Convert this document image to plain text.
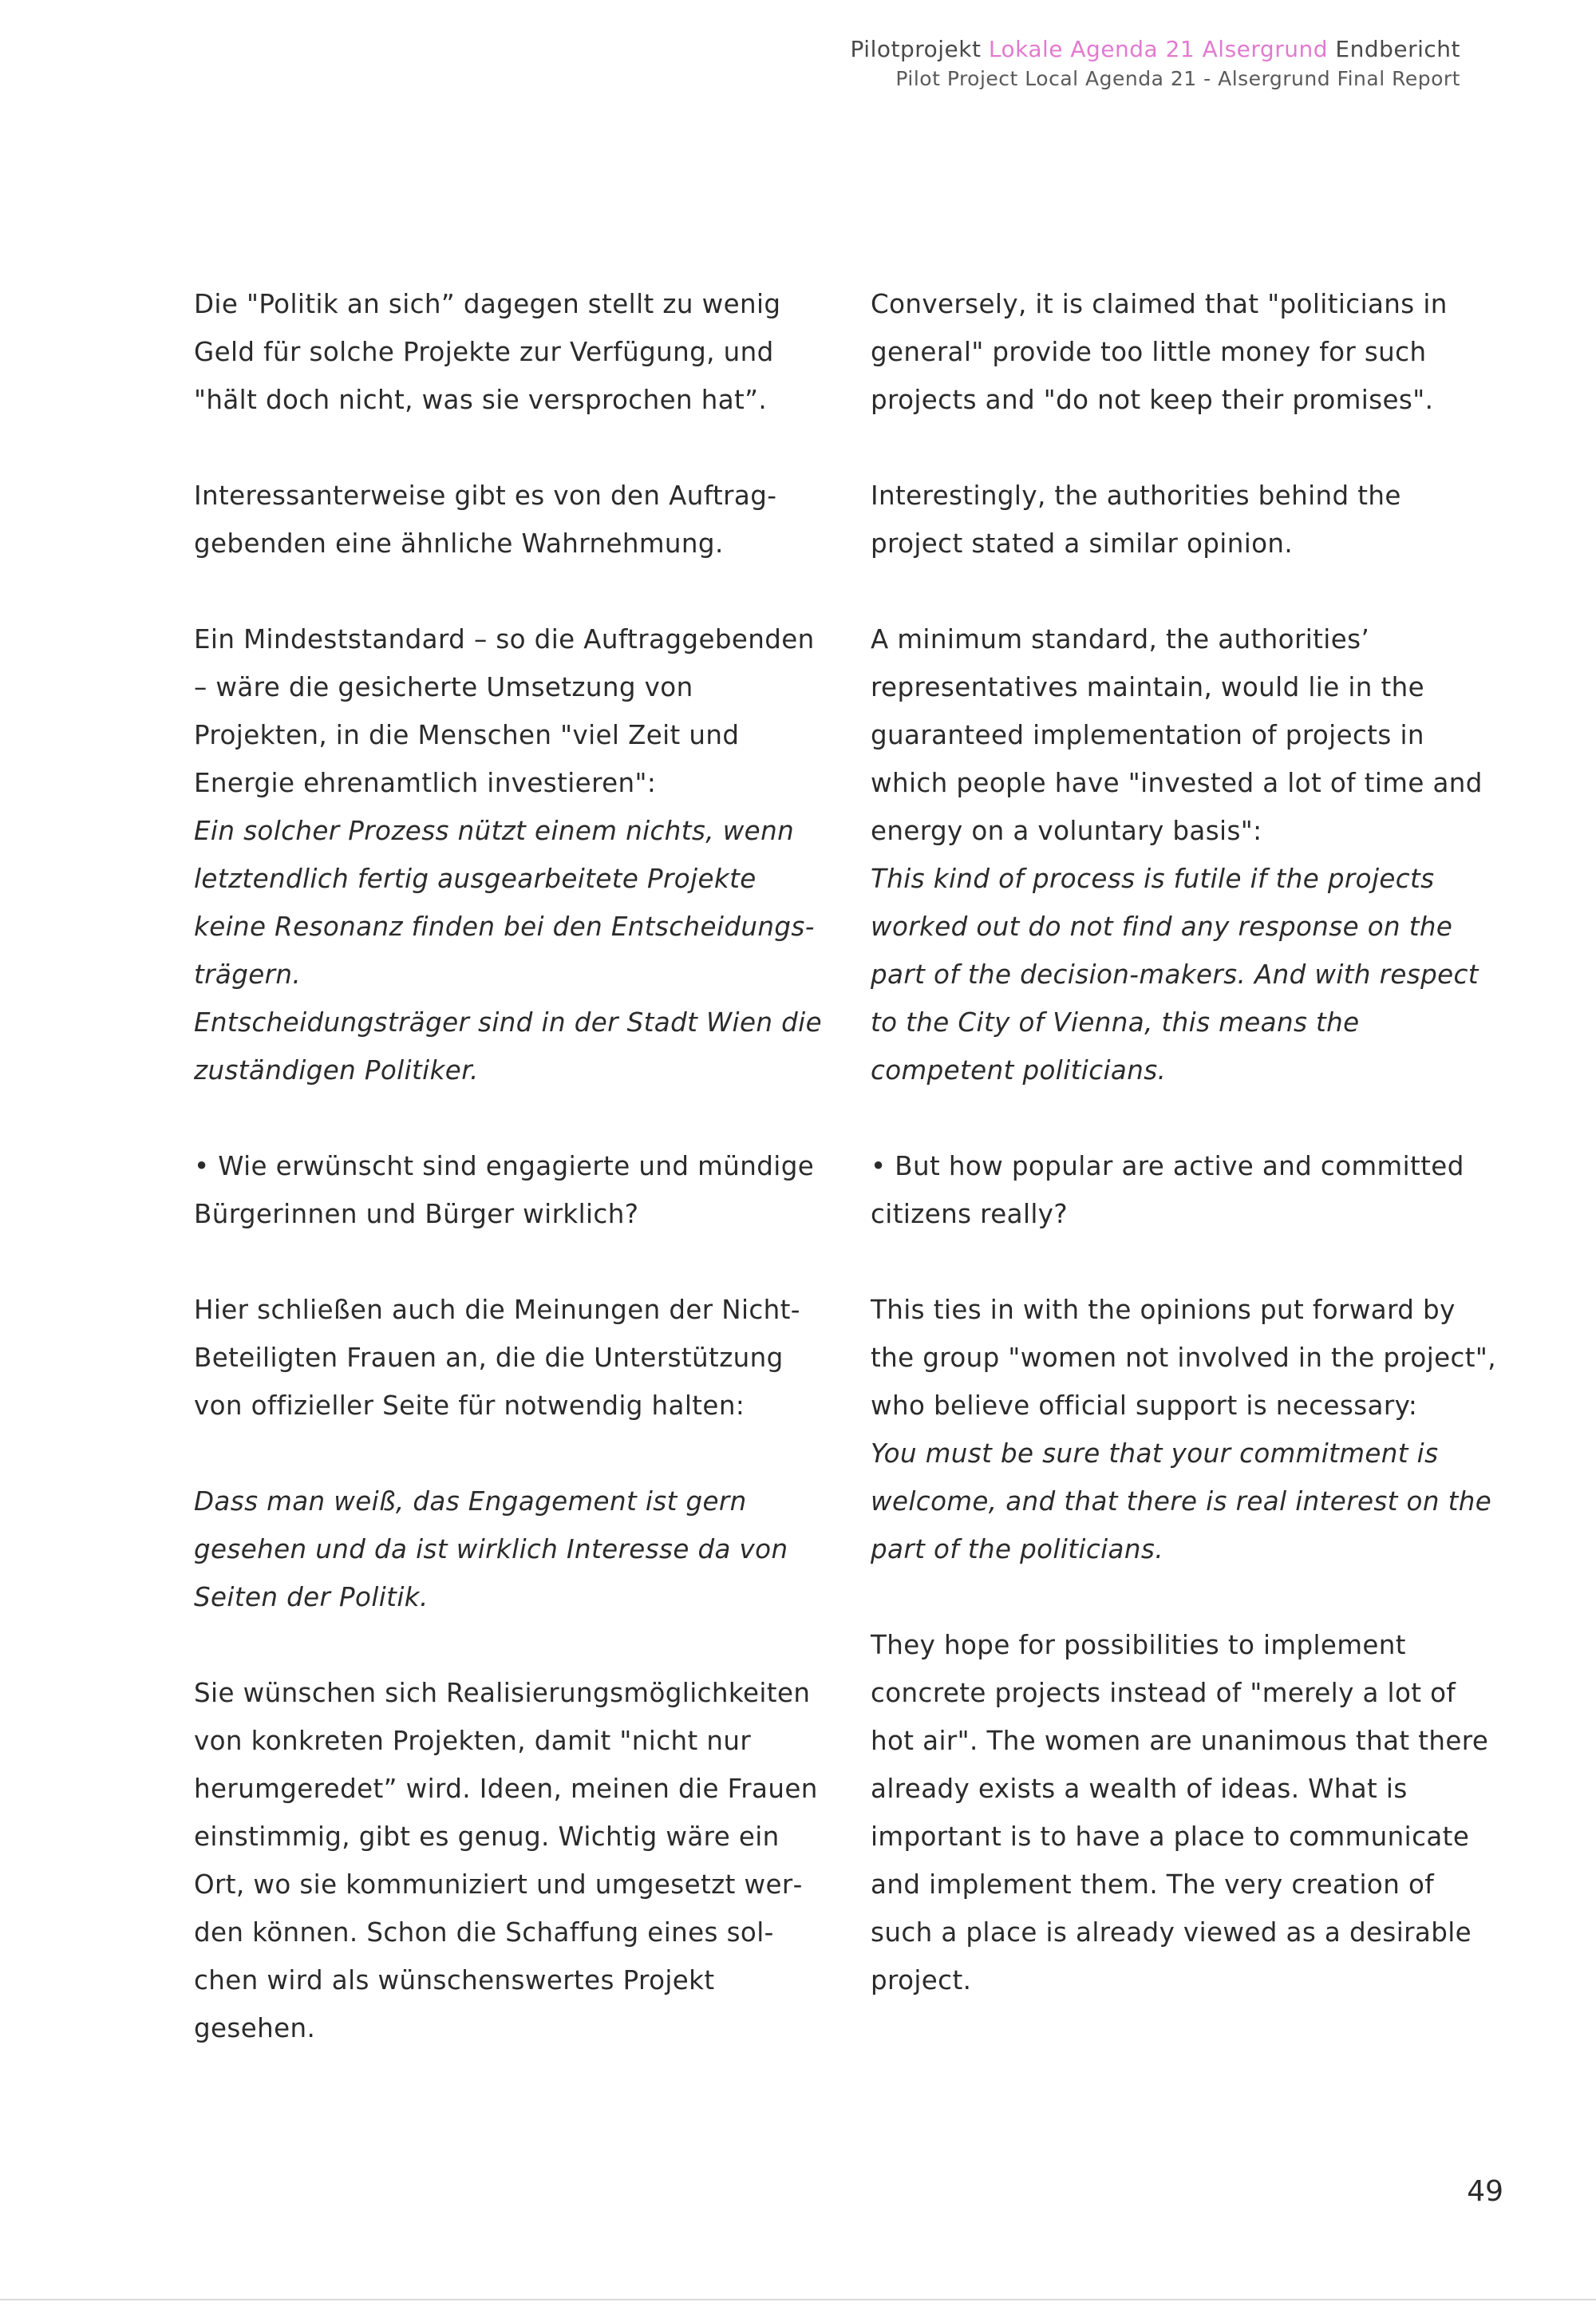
Pilotprojekt Lokale Agenda 21 Alsergrund Endbericht
Pilot Project Local Agenda 21 - Alsergrund Final Report

Die "Politik an sich” dagegen stellt zu wenig Geld für solche Projekte zur Verfügung, und "hält doch nicht, was sie versprochen hat”.

Interessanterweise gibt es von den Auftraggebenden eine ähnliche Wahrnehmung.

Ein Mindeststandard – so die Auftraggebenden – wäre die gesicherte Umsetzung von Projekten, in die Menschen "viel Zeit und Energie ehrenamtlich investieren":
Ein solcher Prozess nützt einem nichts, wenn letztendlich fertig ausgearbeitete Projekte keine Resonanz finden bei den Entscheidungsträgern.
Entscheidungsträger sind in der Stadt Wien die zuständigen Politiker.

• Wie erwünscht sind engagierte und mündige Bürgerinnen und Bürger wirklich?

Hier schließen auch die Meinungen der Nicht-Beteiligten Frauen an, die die Unterstützung von offizieller Seite für notwendig halten:

Dass man weiß, das Engagement ist gern gesehen und da ist wirklich Interesse da von Seiten der Politik.

Sie wünschen sich Realisierungsmöglichkeiten von konkreten Projekten, damit "nicht nur herumgeredet” wird. Ideen, meinen die Frauen einstimmig, gibt es genug. Wichtig wäre ein Ort, wo sie kommuniziert und umgesetzt werden können. Schon die Schaffung eines solchen wird als wünschenswertes Projekt gesehen.

Conversely, it is claimed that "politicians in general" provide too little money for such projects and "do not keep their promises".

Interestingly, the authorities behind the project stated a similar opinion.

A minimum standard, the authorities’ representatives maintain, would lie in the guaranteed implementation of projects in which people have "invested a lot of time and energy on a voluntary basis":
This kind of process is futile if the projects worked out do not find any response on the part of the decision-makers. And with respect to the City of Vienna, this means the competent politicians.

• But how popular are active and committed citizens really?

This ties in with the opinions put forward by the group "women not involved in the project", who believe official support is necessary:
You must be sure that your commitment is welcome, and that there is real interest on the part of the politicians.

They hope for possibilities to implement concrete projects instead of "merely a lot of hot air". The women are unanimous that there already exists a wealth of ideas. What is important is to have a place to communicate and implement them. The very creation of such a place is already viewed as a desirable project.

49
